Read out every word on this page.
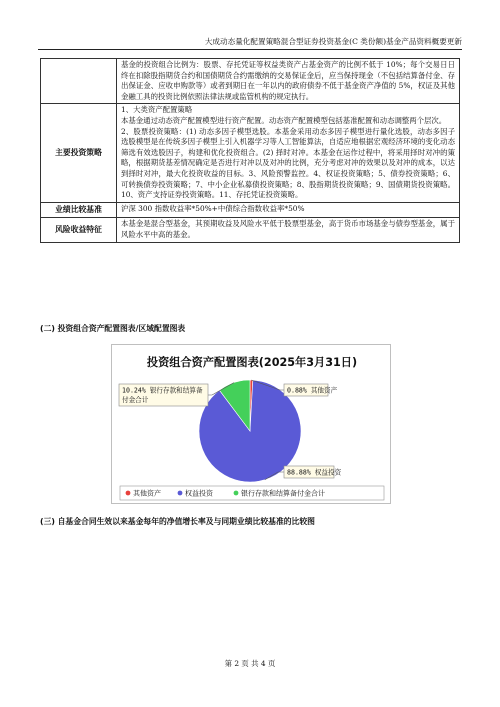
大成动态量化配置策略混合型证券投资基金(C 类份额)基金产品资料概要更新

	基金的投资组合比例为：股票、存托凭证等权益类资产占基金资产的比例不低于 10%；每个交易日日终在扣除股指期货合约和国债期货合约需缴纳的交易保证金后，应当保持现金（不包括结算备付金、存出保证金、应收申购款等）或者到期日在一年以内的政府债券不低于基金资产净值的 5%，权证及其他金融工具的投资比例依照法律法规或监管机构的规定执行。

主要投资策略	1、大类资产配置策略

本基金通过动态资产配置模型进行资产配置。动态资产配置模型包括基准配置和动态调整两个层次。

2、股票投资策略：(1) 动态多因子模型选股。本基金采用动态多因子模型进行量化选股，动态多因子选股模型是在传统多因子模型上引入机器学习等人工智能算法，自适应地根据宏观经济环境的变化动态筛选有效选股因子，构建和优化投资组合。(2) 择时对冲。本基金在运作过程中，将采用择时对冲的策略，根据期货基差情况确定是否进行对冲以及对冲的比例，充分考虑对冲的效果以及对冲的成本，以达到择时对冲，最大化投资收益的目标。3、风险预警监控。4、权证投资策略；5、债券投资策略；6、可转换债券投资策略；7、中小企业私募债投资策略；8、股指期货投资策略；9、国债期货投资策略。10、资产支持证券投资策略。11、存托凭证投资策略。

业绩比较基准	沪深 300 指数收益率*50%+中债综合指数收益率*50%
风险收益特征	本基金是混合型基金，其预期收益及风险水平低于股票型基金，高于货币市场基金与债券型基金，属于风险水平中高的基金。
(二) 投资组合资产配置图表/区域配置图表
投资组合资产配置图表(2025年3月31日)
0.88% 其他资产
88.88% 权益投资
10.24% 银行存款和结算备
付金合计
其他资产	权益投资	银行存款和结算备付金合计
(三) 自基金合同生效以来基金每年的净值增长率及与同期业绩比较基准的比较图
第 2 页 共 4 页
